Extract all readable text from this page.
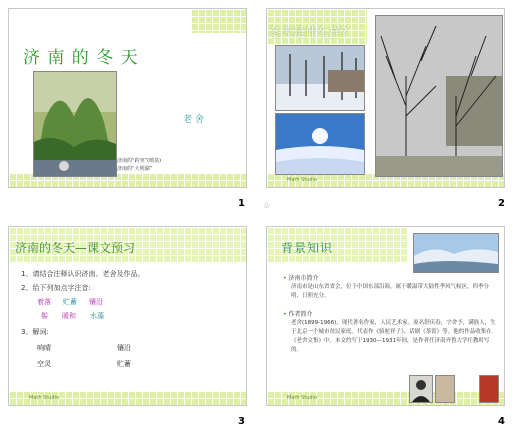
济 南 的 冬 天
老 舍
济南的“趵突”(喷泉)
济南的“大明湖”
1
冬天是什么样?
Math Studio
♧	2
济南的冬天—课文预习
1、请结合注释认识济南、老舍及作品。
2、给下列加点字注音:
着落 贮蓄 镶沿
髻 暖和 水藻
3、解词:
响晴
空灵
镶沿
贮蓄
Math Studio
3
背景知识
• 济南市简介
济南市是山东省省会，位于中国东部沿海，属于暖温带大陆性季风气候区，四季分明，日照充分。
• 作者简介
老舍(1899-1966)，现代著名作家，人民艺术家。原名舒庆春，字舍予，满族人，生于北京一个城市贫民家庭。代表作《骆驼祥子》、话剧《茶馆》等。他的作品收集在《老舍文集》中。本文约写于1930—1931年间，是作者任济南齐鲁大学任教时写的。
Math Studio
4
